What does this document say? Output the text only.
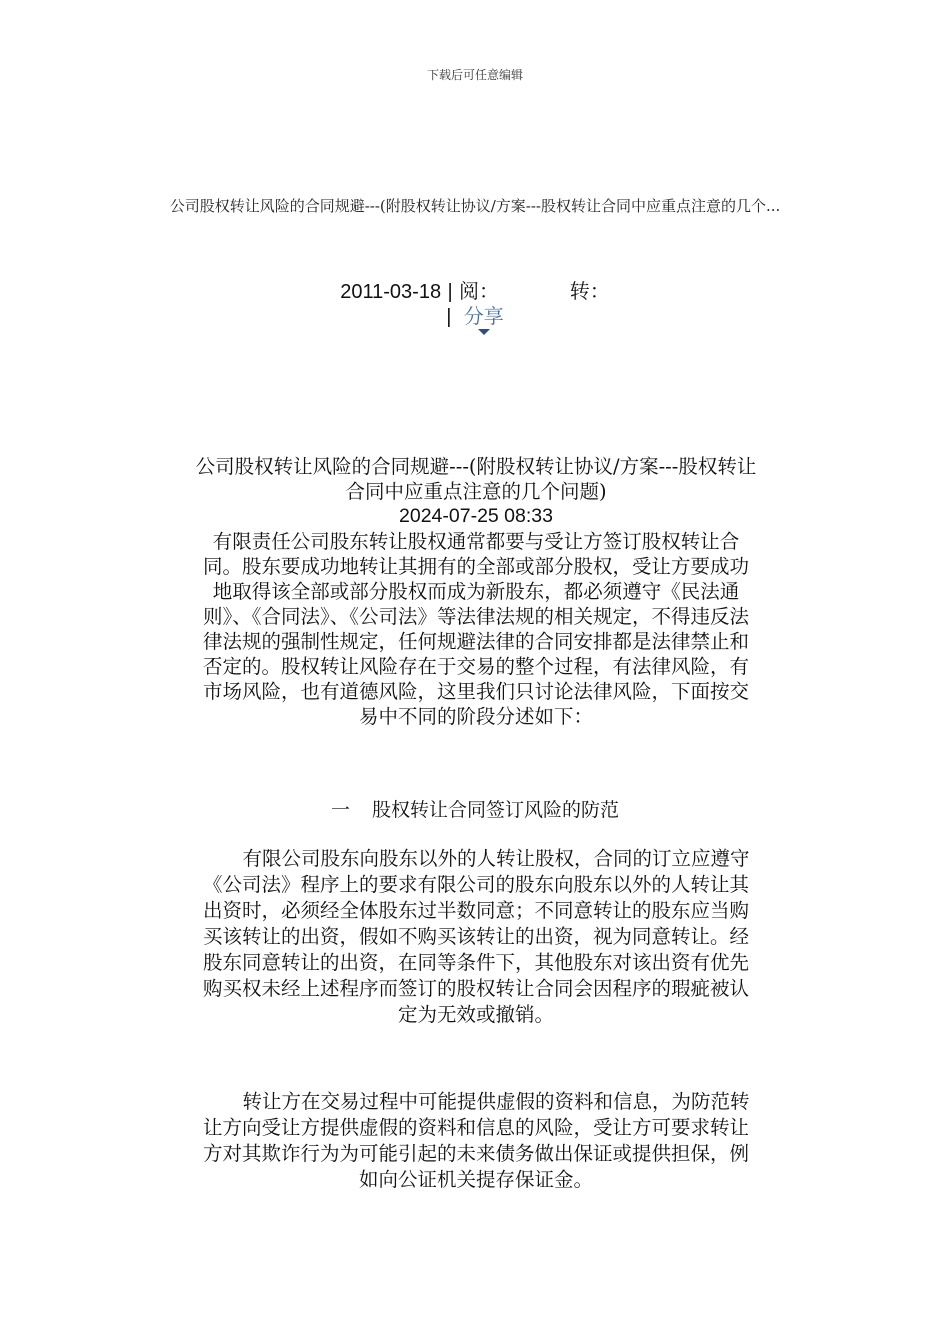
下载后可任意编辑
公司股权转让风险的合同规避---(附股权转让协议/方案---股权转让合同中应重点注意的几个...
2011-03-18 | 阅：	转：
| 分享

公司股权转让风险的合同规避---(附股权转让协议/方案---股权转让合同中应重点注意的几个问题)

2024-07-25 08:33

有限责任公司股东转让股权通常都要与受让方签订股权转让合同。股东要成功地转让其拥有的全部或部分股权，受让方要成功地取得该全部或部分股权而成为新股东，都必须遵守《民法通则》、《合同法》、《公司法》等法律法规的相关规定，不得违反法律法规的强制性规定，任何规避法律的合同安排都是法律禁止和否定的。股权转让风险存在于交易的整个过程，有法律风险，有市场风险，也有道德风险，这里我们只讨论法律风险，下面按交易中不同的阶段分述如下：

一 股权转让合同签订风险的防范
有限公司股东向股东以外的人转让股权，合同的订立应遵守《公司法》程序上的要求有限公司的股东向股东以外的人转让其出资时，必须经全体股东过半数同意；不同意转让的股东应当购买该转让的出资，假如不购买该转让的出资，视为同意转让。经股东同意转让的出资，在同等条件下，其他股东对该出资有优先购买权未经上述程序而签订的股权转让合同会因程序的瑕疵被认定为无效或撤销。
转让方在交易过程中可能提供虚假的资料和信息，为防范转让方向受让方提供虚假的资料和信息的风险，受让方可要求转让方对其欺诈行为为可能引起的未来债务做出保证或提供担保，例如向公证机关提存保证金。
